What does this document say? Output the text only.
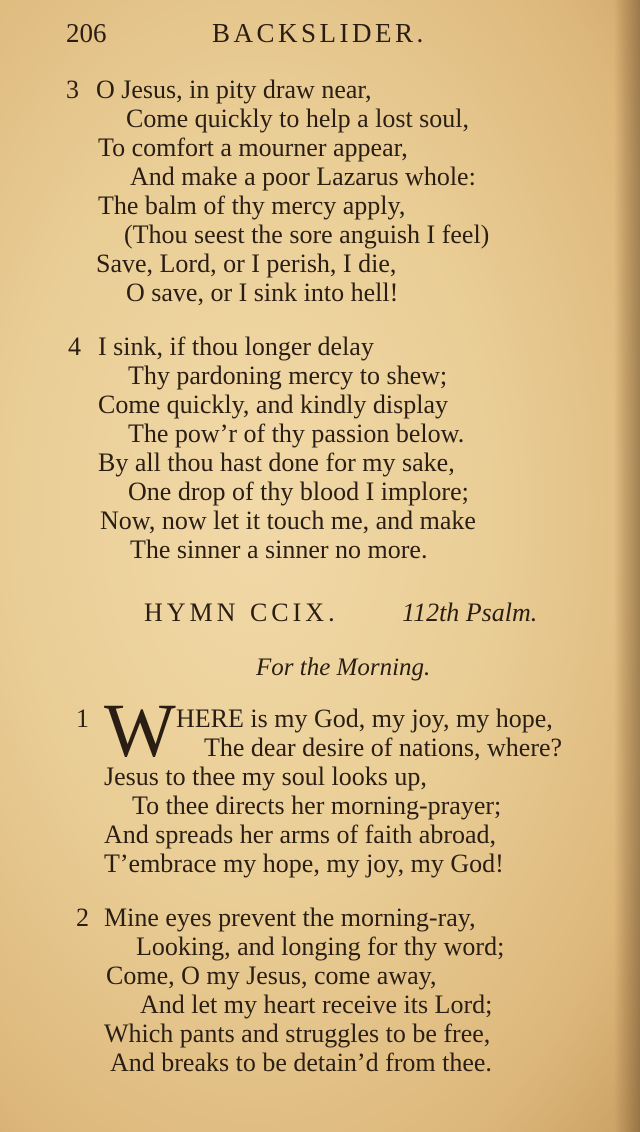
206	BACKSLIDER.
3 O Jesus, in pity draw near,
Come quickly to help a lost soul,
To comfort a mourner appear,
And make a poor Lazarus whole:
The balm of thy mercy apply,
(Thou seest the sore anguish I feel)
Save, Lord, or I perish, I die,
O save, or I sink into hell!
4 I sink, if thou longer delay
Thy pardoning mercy to shew;
Come quickly, and kindly display
The pow’r of thy passion below.
By all thou hast done for my sake,
One drop of thy blood I implore;
Now, now let it touch me, and make
The sinner a sinner no more.
HYMN CCIX. 112th Psalm.
For the Morning.
1 W HERE is my God, my joy, my hope,
The dear desire of nations, where?
Jesus to thee my soul looks up,
To thee directs her morning-prayer;
And spreads her arms of faith abroad,
T’embrace my hope, my joy, my God!
2 Mine eyes prevent the morning-ray,
Looking, and longing for thy word;
Come, O my Jesus, come away,
And let my heart receive its Lord;
Which pants and struggles to be free,
And breaks to be detain’d from thee.
